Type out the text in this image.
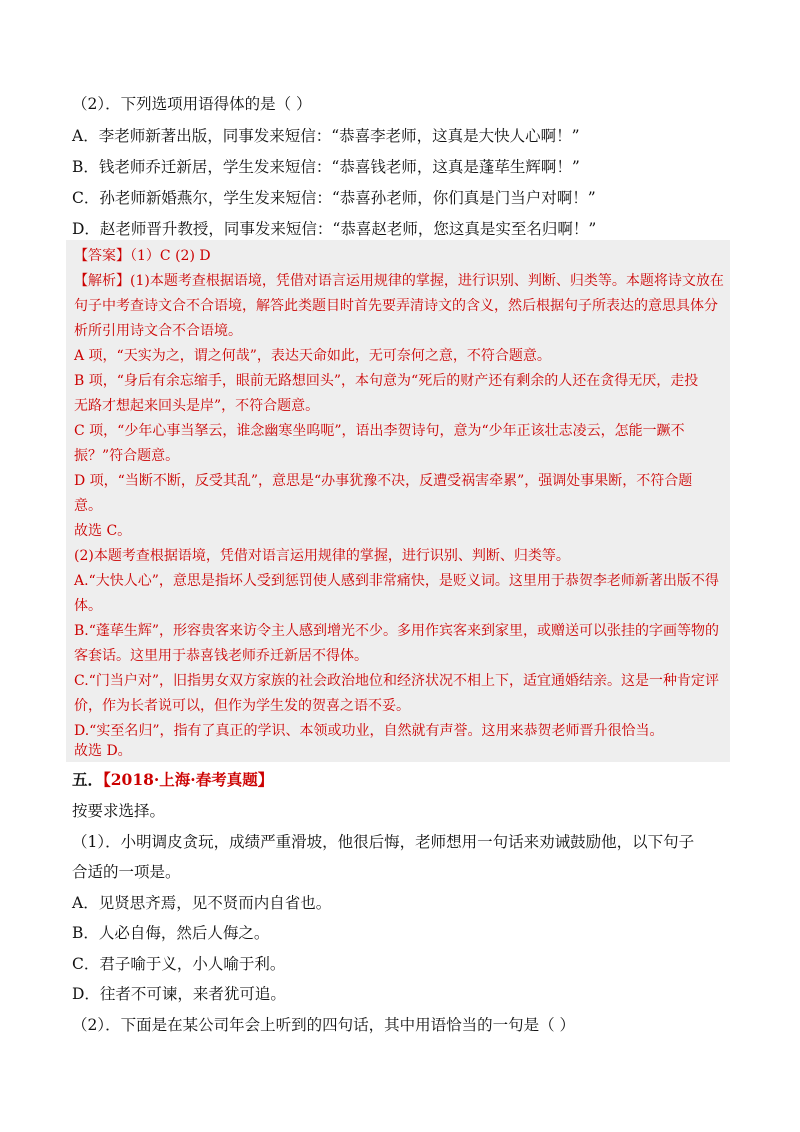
（2）．下列选项用语得体的是（ ）
A．李老师新著出版，同事发来短信：“恭喜李老师，这真是大快人心啊！”
B．钱老师乔迁新居，学生发来短信：“恭喜钱老师，这真是蓬荜生辉啊！”
C．孙老师新婚燕尔，学生发来短信：“恭喜孙老师，你们真是门当户对啊！”
D．赵老师晋升教授，同事发来短信：“恭喜赵老师，您这真是实至名归啊！”
【答案】（1）C (2) D
【解析】(1)本题考查根据语境，凭借对语言运用规律的掌握，进行识别、判断、归类等。本题将诗文放在
句子中考查诗文合不合语境，解答此类题目时首先要弄清诗文的含义，然后根据句子所表达的意思具体分
析所引用诗文合不合语境。
A 项，“天实为之，谓之何哉”，表达天命如此，无可奈何之意，不符合题意。
B 项，“身后有余忘缩手，眼前无路想回头”，本句意为“死后的财产还有剩余的人还在贪得无厌，走投
无路才想起来回头是岸”，不符合题意。
C 项，“少年心事当拏云，谁念幽寒坐呜呃”，语出李贺诗句，意为“少年正该壮志凌云，怎能一蹶不
振？”符合题意。
D 项，“当断不断，反受其乱”，意思是“办事犹豫不决，反遭受祸害牵累”，强调处事果断，不符合题
意。
故选 C。
(2)本题考查根据语境，凭借对语言运用规律的掌握，进行识别、判断、归类等。
A.“大快人心”，意思是指坏人受到惩罚使人感到非常痛快，是贬义词。这里用于恭贺李老师新著出版不得
体。
B.“蓬荜生辉”，形容贵客来访令主人感到增光不少。多用作宾客来到家里，或赠送可以张挂的字画等物的
客套话。这里用于恭喜钱老师乔迁新居不得体。
C.“门当户对”，旧指男女双方家族的社会政治地位和经济状况不相上下，适宜通婚结亲。这是一种肯定评
价，作为长者说可以，但作为学生发的贺喜之语不妥。
D.“实至名归”，指有了真正的学识、本领或功业，自然就有声誉。这用来恭贺老师晋升很恰当。
故选 D。
五．【2018·上海·春考真题】
按要求选择。
（1）．小明调皮贪玩，成绩严重滑坡，他很后悔，老师想用一句话来劝诫鼓励他，以下句子
合适的一项是。
A．见贤思齐焉，见不贤而内自省也。
B．人必自侮，然后人侮之。
C．君子喻于义，小人喻于利。
D．往者不可谏，来者犹可追。
（2）．下面是在某公司年会上听到的四句话，其中用语恰当的一句是（ ）
